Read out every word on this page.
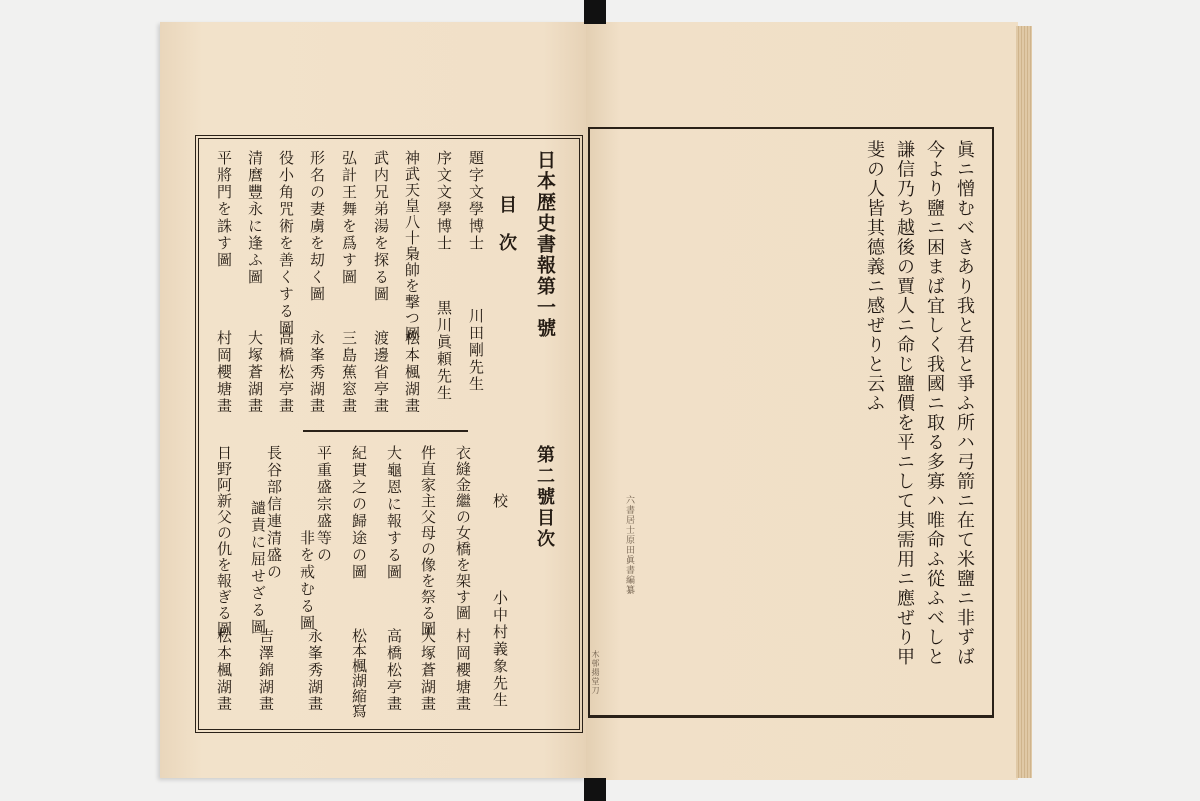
日本歴史書報第一號
目次
題字文學博士
川田剛先生
序文文學博士
黒川眞頼先生
神武天皇八十梟帥を撃つ圖
松本楓湖畫
武内兄弟湯を探る圖
渡邊省亭畫
弘計王舞を爲す圖
三島蕉窓畫
形名の妻虜を刧く圖
永峯秀湖畫
役小角咒術を善くする圖
高橋松亭畫
清麿豐永に逢ふ圖
大塚蒼湖畫
平將門を誅す圖
村岡櫻塘畫
第二號目次
校
小中村義象先生
衣縫金繼の女橋を架す圖
村岡櫻塘畫
件直家主父母の像を祭る圖
大塚蒼湖畫
大龜恩に報する圖
高橋松亭畫
紀貫之の歸途の圖
松本楓湖縮寫
平重盛宗盛等の
非を戒むる圖
永峯秀湖畫
長谷部信連清盛の
譴責に屈せざる圖
吉澤錦湖畫
日野阿新父の仇を報ぎる圖
松本楓湖畫
眞ニ憎むべきあり我と君と爭ふ所ハ弓箭ニ在て米鹽ニ非ずば
今より鹽ニ困まば宜しく我國ニ取る多寡ハ唯命ふ從ふべしと
謙信乃ち越後の賈人ニ命じ鹽價を平ニして其需用ニ應ぜり甲
斐の人皆其德義ニ感ぜりと云ふ
六書居士原田眞書編纂
木邨揚堂刀
